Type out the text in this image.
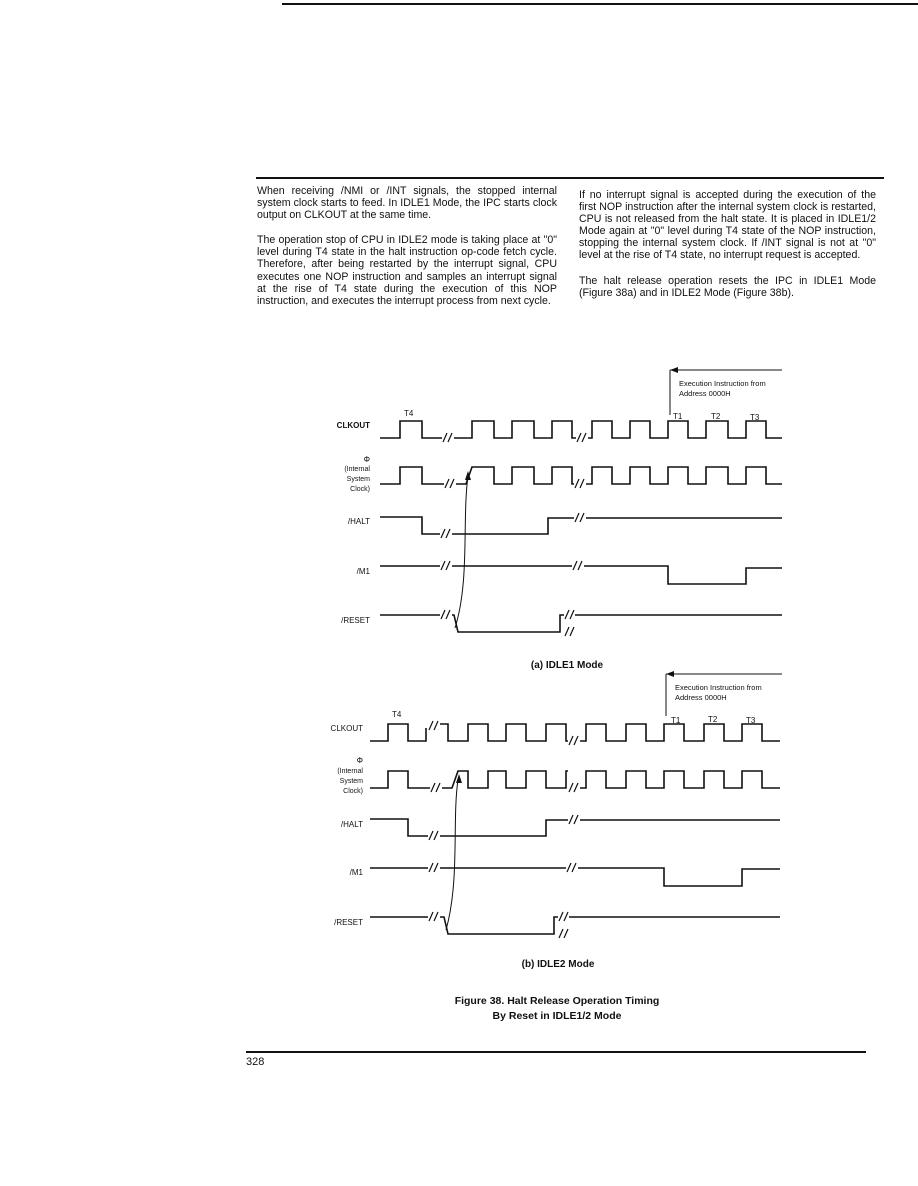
When receiving /NMI or /INT signals, the stopped internal system clock starts to feed. In IDLE1 Mode, the IPC starts clock output on CLKOUT at the same time.

The operation stop of CPU in IDLE2 mode is taking place at "0" level during T4 state in the halt instruction op-code fetch cycle. Therefore, after being restarted by the interrupt signal, CPU executes one NOP instruction and samples an interrupt signal at the rise of T4 state during the execution of this NOP instruction, and executes the interrupt process from next cycle.

If no interrupt signal is accepted during the execution of the first NOP instruction after the internal system clock is restarted, CPU is not released from the halt state. It is placed in IDLE1/2 Mode again at "0" level during T4 state of the NOP instruction, stopping the internal system clock. If /INT signal is not at "0" level at the rise of T4 state, no interrupt request is accepted.

The halt release operation resets the IPC in IDLE1 Mode (Figure 38a) and in IDLE2 Mode (Figure 38b).

Execution Instruction from
Address 0000H
T4	T1	T2	T3
CLKOUT
Φ
(Internal
System
Clock)
/HALT
/M1
/RESET
(a) IDLE1 Mode
Execution Instruction from
Address 0000H
T4
T1	T2	T3
CLKOUT
Φ
(Internal
System
Clock)
/HALT
/M1
/RESET
(b) IDLE2 Mode
Figure 38. Halt Release Operation Timing
By Reset in IDLE1/2 Mode
328
